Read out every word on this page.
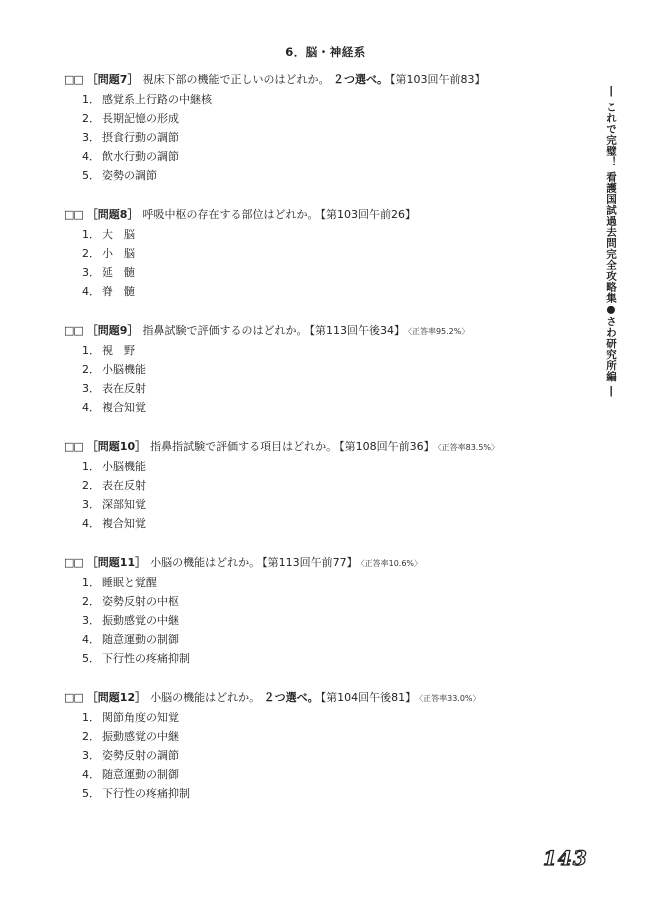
6．脳・神経系
□□ ［問題7］ 視床下部の機能で正しいのはどれか。 ２つ選べ。 【第103回午前83】
1． 感覚系上行路の中継核
2． 長期記憶の形成
3． 摂食行動の調節
4． 飲水行動の調節
5． 姿勢の調節
□□ ［問題8］ 呼吸中枢の存在する部位はどれか。 【第103回午前26】
1． 大　脳
2． 小　脳
3． 延　髄
4． 脊　髄
□□ ［問題9］ 指鼻試験で評価するのはどれか。 【第113回午後34】 〈正答率95.2%〉
1． 視　野
2． 小脳機能
3． 表在反射
4． 複合知覚
□□ ［問題10］ 指鼻指試験で評価する項目はどれか。 【第108回午前36】 〈正答率83.5%〉
1． 小脳機能
2． 表在反射
3． 深部知覚
4． 複合知覚
□□ ［問題11］ 小脳の機能はどれか。 【第113回午前77】 〈正答率10.6%〉
1． 睡眠と覚醒
2． 姿勢反射の中枢
3． 振動感覚の中継
4． 随意運動の制御
5． 下行性の疼痛抑制
□□ ［問題12］ 小脳の機能はどれか。 ２つ選べ。 【第104回午後81】 〈正答率33.0%〉
1． 関節角度の知覚
2． 振動感覚の中継
3． 姿勢反射の調節
4． 随意運動の制御
5． 下行性の疼痛抑制
― これで完璧！ 看護国試過去問完全攻略集●さわ研究所編 ―
143
